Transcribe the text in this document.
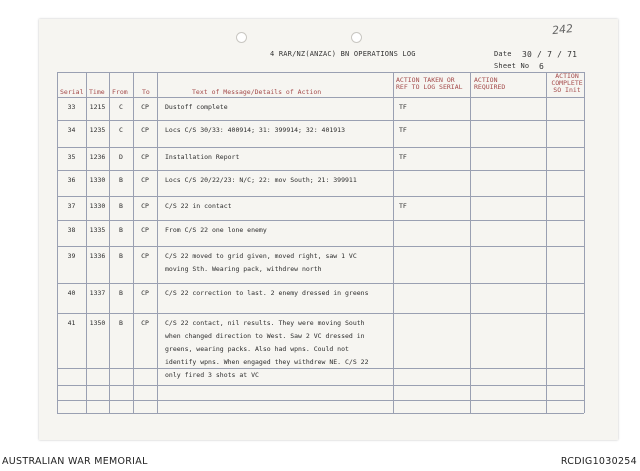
242
4 RAR/NZ(ANZAC) BN OPERATIONS LOG	Date 30 / 7 / 71
Sheet No 6
Serial Time From To	Text of Message/Details of Action
ACTION TAKEN OR REF TO LOG SERIAL
ACTION REQUIRED
ACTION COMPLETE SO Init
33	1215	C	CP	Dustoff complete	TF
34	1235	C	CP	Locs C/S 30/33: 400914; 31: 399914; 32: 401913	TF
35	1236	D	CP	Installation Report	TF
36	1330	B	CP	Locs C/S 20/22/23: N/C; 22: mov South; 21: 399911
37	1330	B	CP	C/S 22 in contact	TF
38	1335	B	CP	From C/S 22 one lone enemy
39	1336	B	CP	C/S 22 moved to grid given, moved right, saw 1 VC
moving Sth. Wearing pack, withdrew north
40	1337	B	CP	C/S 22 correction to last. 2 enemy dressed in greens
41	1350	B	CP	C/S 22 contact, nil results. They were moving South
when changed direction to West. Saw 2 VC dressed in
greens, wearing packs. Also had wpns. Could not
identify wpns. When engaged they withdrew NE. C/S 22
only fired 3 shots at VC
AUSTRALIAN WAR MEMORIAL	RCDIG1030254
